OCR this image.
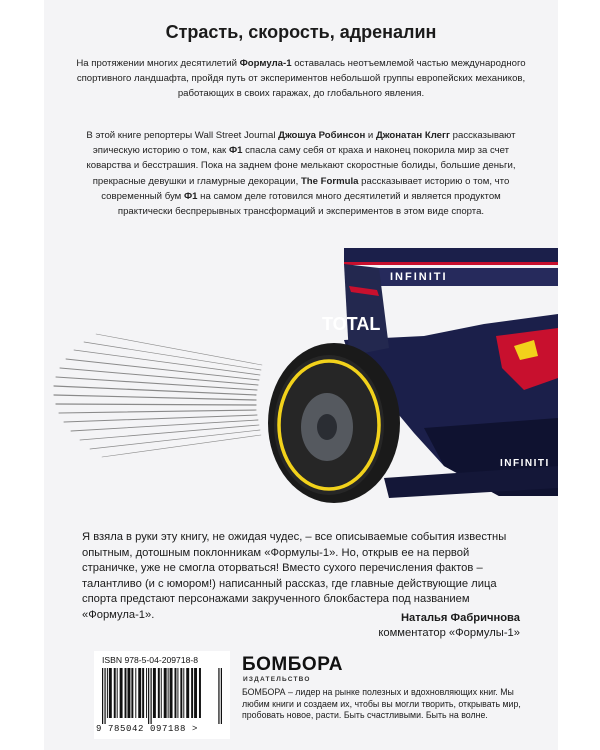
Страсть, скорость, адреналин
На протяжении многих десятилетий Формула-1 оставалась неотъемлемой частью международного спортивного ландшафта, пройдя путь от экспериментов небольшой группы европейских механиков, работающих в своих гаражах, до глобального явления.
В этой книге репортеры Wall Street Journal Джошуа Робинсон и Джонатан Клегг рассказывают эпическую историю о том, как Ф1 спасла саму себя от краха и наконец покорила мир за счет коварства и бесстрашия. Пока на заднем фоне мелькают скоростные болиды, большие деньги, прекрасные девушки и гламурные декорации, The Formula рассказывает историю о том, что современный бум Ф1 на самом деле готовился много десятилетий и является продуктом практически беспрерывных трансформаций и экспериментов в этом виде спорта.
INFINITI
TOTAL
INFINITI
Я взяла в руки эту книгу, не ожидая чудес, – все описываемые события известны опытным, дотошным поклонникам «Формулы-1». Но, открыв ее на первой страничке, уже не смогла оторваться! Вместо сухого перечисления фактов – талантливо (и с юмором!) написанный рассказ, где главные действующие лица спорта предстают персонажами закрученного блокбастера под названием «Формула-1».	Наталья Фабричнова
комментатор «Формулы-1»
ISBN 978-5-04-209718-8
9 785042 097188 >
БОМБОРА
ИЗДАТЕЛЬСТВО
БОМБОРА – лидер на рынке полезных и вдохновляющих книг. Мы любим книги и создаем их, чтобы вы могли творить, открывать мир, пробовать новое, расти. Быть счастливыми. Быть на волне.
